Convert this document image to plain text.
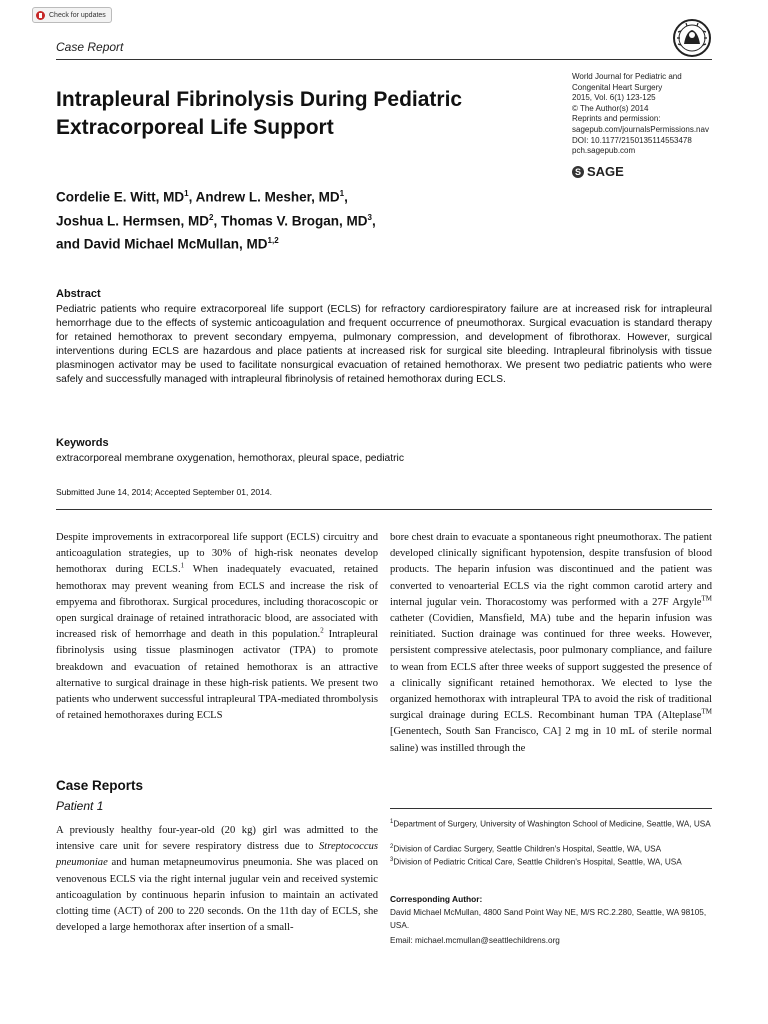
Check for updates
Case Report
Intrapleural Fibrinolysis During Pediatric Extracorporeal Life Support
World Journal for Pediatric and
Congenital Heart Surgery
2015, Vol. 6(1) 123-125
© The Author(s) 2014
Reprints and permission:
sagepub.com/journalsPermissions.nav
DOI: 10.1177/2150135114553478
pch.sagepub.com
S SAGE
Cordelie E. Witt, $MD^1$, Andrew L. Mesher, $MD^1$,
Joshua L. Hermsen, $MD^2$, Thomas V. Brogan, $MD^3$,
and David Michael McMullan, MD$^{1,2}$
Abstract
Pediatric patients who require extracorporeal life support (ECLS) for refractory cardiorespiratory failure are at increased risk for intrapleural hemorrhage due to the effects of systemic anticoagulation and frequent occurrence of pneumothorax. Surgical evacuation is standard therapy for retained hemothorax to prevent secondary empyema, pulmonary compression, and development of fibrothorax. However, surgical interventions during ECLS are hazardous and place patients at increased risk for surgical site bleeding. Intrapleural fibrinolysis with tissue plasminogen activator may be used to facilitate nonsurgical evacuation of retained hemothorax. We present two pediatric patients who were safely and successfully managed with intrapleural fibrinolysis of retained hemothorax during ECLS.
Keywords
extracorporeal membrane oxygenation, hemothorax, pleural space, pediatric
Submitted June 14, 2014; Accepted September 01, 2014.
Despite improvements in extracorporeal life support (ECLS) circuitry and anticoagulation strategies, up to 30% of high-risk neonates develop hemothorax during ECLS.$^1$ When inadequately evacuated, retained hemothorax may prevent weaning from ECLS and increase the risk of empyema and fibrothorax. Surgical procedures, including thoracoscopic or open surgical drainage of retained intrathoracic blood, are associated with increased risk of hemorrhage and death in this population.$^2$ Intrapleural fibrinolysis using tissue plasminogen activator (TPA) to promote breakdown and evacuation of retained hemothorax is an attractive alternative to surgical drainage in these high-risk patients. We present two patients who underwent successful intrapleural TPA-mediated thrombolysis of retained hemothoraxes during ECLS
Case Reports
Patient 1
A previously healthy four-year-old (20 kg) girl was admitted to the intensive care unit for severe respiratory distress due to Streptococcus pneumoniae and human metapneumovirus pneumonia. She was placed on venovenous ECLS via the right internal jugular vein and received systemic anticoagulation by continuous heparin infusion to maintain an activated clotting time (ACT) of 200 to 220 seconds. On the 11th day of ECLS, she developed a large hemothorax after insertion of a small-
bore chest drain to evacuate a spontaneous right pneumothorax. The patient developed clinically significant hypotension, despite transfusion of blood products. The heparin infusion was discontinued and the patient was converted to venoarterial ECLS via the right common carotid artery and internal jugular vein. Thoracostomy was performed with a 27F Argyle™ catheter (Covidien, Mansfield, MA) tube and the heparin infusion was reinitiated. Suction drainage was continued for three weeks. However, persistent compressive atelectasis, poor pulmonary compliance, and failure to wean from ECLS after three weeks of support suggested the presence of a clinically significant retained hemothorax. We elected to lyse the organized hemothorax with intrapleural TPA to avoid the risk of traditional surgical drainage during ECLS. Recombinant human TPA (Alteplase™ [Genentech, South San Francisco, CA] 2 mg in 10 mL of sterile normal saline) was instilled through the
$^1$Department of Surgery, University of Washington School of Medicine, Seattle, WA, USA
$^2$Division of Cardiac Surgery, Seattle Children's Hospital, Seattle, WA, USA
$^3$Division of Pediatric Critical Care, Seattle Children's Hospital, Seattle, WA, USA
Corresponding Author:
David Michael McMullan, 4800 Sand Point Way NE, M/S RC.2.280, Seattle, WA 98105, USA.
Email: michael.mcmullan@seattlechildrens.org
